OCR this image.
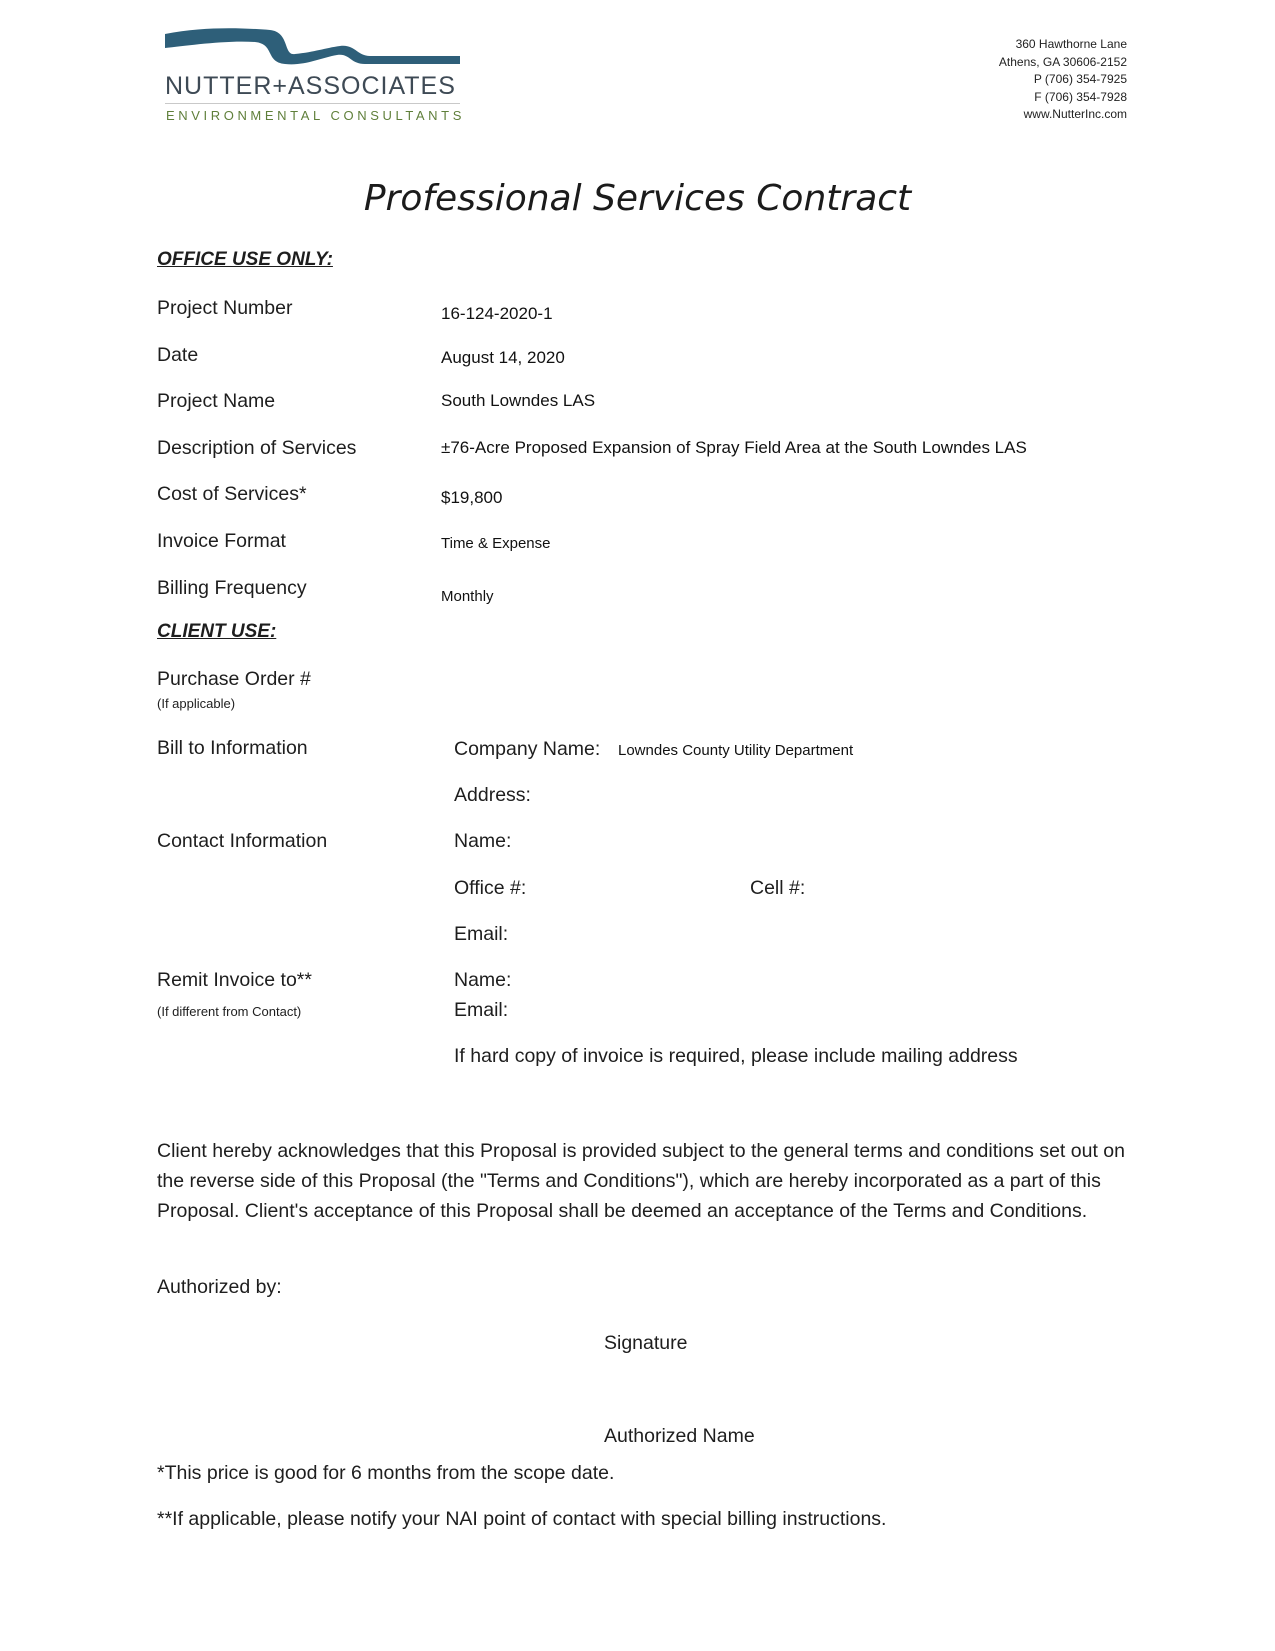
NUTTER+ASSOCIATES
ENVIRONMENTAL CONSULTANTS
360 Hawthorne Lane
Athens, GA 30606-2152
P (706) 354-7925
F (706) 354-7928
www.NutterInc.com
Professional Services Contract
OFFICE USE ONLY:
Project Number	16-124-2020-1
Date	August 14, 2020
Project Name	South Lowndes LAS
Description of Services	±76-Acre Proposed Expansion of Spray Field Area at the South Lowndes LAS
Cost of Services*	$19,800
Invoice Format	Time & Expense
Billing Frequency	Monthly
CLIENT USE:
Purchase Order #
(If applicable)
Bill to Information	Company Name: Lowndes County Utility Department
Address:
Contact Information	Name:
Office #:	Cell #:
Email:
Remit Invoice to**	Name:
(If different from Contact)	Email:
If hard copy of invoice is required, please include mailing address
Client hereby acknowledges that this Proposal is provided subject to the general terms and conditions set out on the reverse side of this Proposal (the "Terms and Conditions"), which are hereby incorporated as a part of this Proposal. Client's acceptance of this Proposal shall be deemed an acceptance of the Terms and Conditions.
Authorized by:
Signature
Authorized Name
*This price is good for 6 months from the scope date.
**If applicable, please notify your NAI point of contact with special billing instructions.
